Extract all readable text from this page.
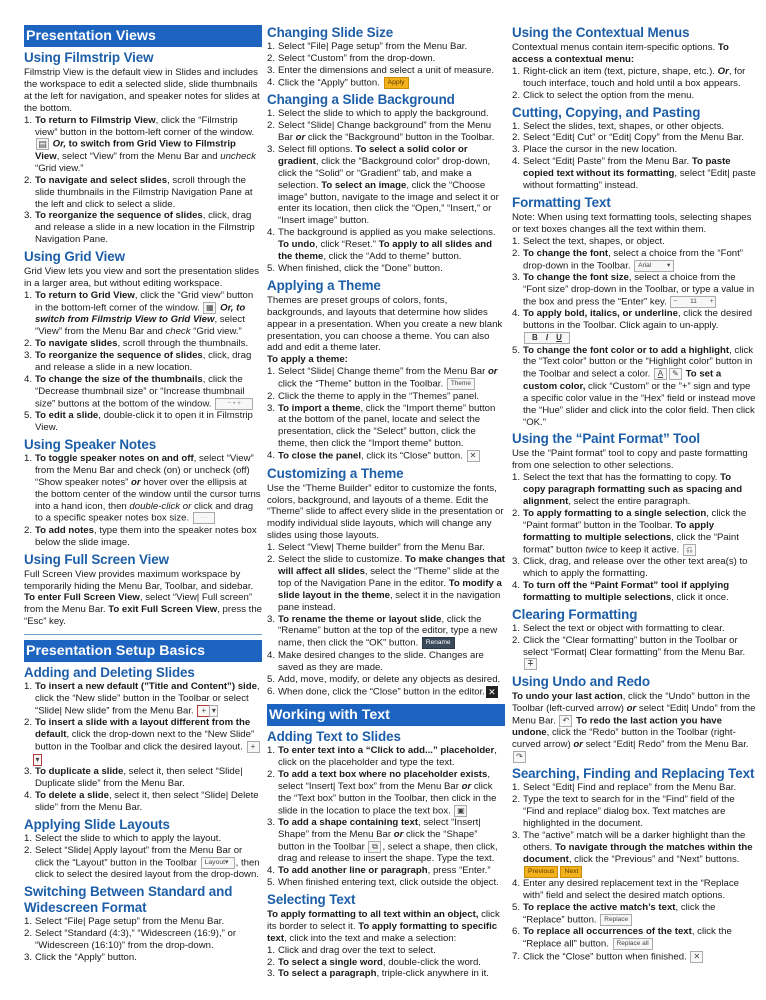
Presentation Views
Using Filmstrip View
Filmstrip View is the default view in Slides and includes the workspace to edit a selected slide, slide thumbnails at the left for navigation, and speaker notes for slides at the bottom.
1. To return to Filmstrip View, click the “Filmstrip view” button in the bottom-left corner of the window. ▤ Or, to switch from Grid View to Filmstrip View, select “View” from the Menu Bar and uncheck “Grid view.”
2. To navigate and select slides, scroll through the slide thumbnails in the Filmstrip Navigation Pane at the left and click to select a slide.
3. To reorganize the sequence of slides, click, drag and release a slide in a new location in the Filmstrip Navigation Pane.
Using Grid View
Grid View lets you view and sort the presentation slides in a larger area, but without editing workspace.
1. To return to Grid View, click the “Grid view” button in the bottom-left corner of the window. ▦ Or, to switch from Filmstrip View to Grid View, select “View” from the Menu Bar and check “Grid view.”
2. To navigate slides, scroll through the thumbnails.
3. To reorganize the sequence of slides, click, drag and release a slide in a new location.
4. To change the size of the thumbnails, click the “Decrease thumbnail size” or “Increase thumbnail size” buttons at the bottom of the window. − • +
5. To edit a slide, double-click it to open it in Filmstrip View.
Using Speaker Notes
1. To toggle speaker notes on and off, select “View” from the Menu Bar and check (on) or uncheck (off) “Show speaker notes” or hover over the ellipsis at the bottom center of the window until the cursor turns into a hand icon, then double-click or click and drag to a specific speaker notes box size. ···
2. To add notes, type them into the speaker notes box below the slide image.
Using Full Screen View
Full Screen View provides maximum workspace by temporarily hiding the Menu Bar, Toolbar, and sidebar. To enter Full Screen View, select “View| Full screen” from the Menu Bar. To exit Full Screen View, press the “Esc” key.
Presentation Setup Basics
Adding and Deleting Slides
1. To insert a new default (”Title and Content”) side, click the “New slide” button in the Toolbar or select “Slide| New slide” from the Menu Bar. + ▾
2. To insert a slide with a layout different from the default, click the drop-down next to the “New Slide” button in the Toolbar and click the desired layout. +▾
3. To duplicate a slide, select it, then select “Slide| Duplicate slide” from the Menu Bar.
4. To delete a slide, select it, then select “Slide| Delete slide” from the Menu Bar.
Applying Slide Layouts
1. Select the slide to which to apply the layout.
2. Select “Slide| Apply layout” from the Menu Bar or click the “Layout” button in the Toolbar Layout▾ , then click to select the desired layout from the drop-down.
Switching Between Standard and Widescreen Format
1. Select “File| Page setup” from the Menu Bar.
2. Select “Standard (4:3),” “Widescreen (16:9),” or “Widescreen (16:10)” from the drop-down.
3. Click the “Apply” button.
Changing Slide Size
1. Select “File| Page setup” from the Menu Bar.
2. Select “Custom” from the drop-down.
3. Enter the dimensions and select a unit of measure.
4. Click the “Apply” button. Apply
Changing a Slide Background
1. Select the slide to which to apply the background.
2. Select “Slide| Change background” from the Menu Bar or click the “Background” button in the Toolbar.
3. Select fill options. To select a solid color or gradient, click the “Background color” drop-down, click the “Solid” or “Gradient” tab, and make a selection. To select an image, click the “Choose image” button, navigate to the image and select it or enter its location, then click the “Open,” “Insert,” or “Insert image” button.
4. The background is applied as you make selections. To undo, click “Reset.” To apply to all slides and the theme, click the “Add to theme” button.
5. When finished, click the “Done” button.
Applying a Theme
Themes are preset groups of colors, fonts, backgrounds, and layouts that determine how slides appear in a presentation. When you create a new blank presentation, you can choose a theme. You can also add and edit a theme later.
To apply a theme:
1. Select “Slide| Change theme” from the Menu Bar or click the “Theme” button in the Toolbar. Theme
2. Click the theme to apply in the “Themes” panel.
3. To import a theme, click the “Import theme” button at the bottom of the panel, locate and select the presentation, click the “Select” button, click the theme, then click the “Import theme” button.
4. To close the panel, click its “Close” button. ✕
Customizing a Theme
Use the “Theme Builder” editor to customize the fonts, colors, background, and layouts of a theme. Edit the “Theme” slide to affect every slide in the presentation or modify individual slide layouts, which will change any slides using those layouts.
1. Select “View| Theme builder” from the Menu Bar.
2. Select the slide to customize. To make changes that will affect all slides, select the “Theme” slide at the top of the Navigation Pane in the editor. To modify a slide layout in the theme, select it in the navigation pane instead.
3. To rename the theme or layout slide, click the “Rename” button at the top of the editor, type a new name, then click the “OK” button. Rename
4. Make desired changes to the slide. Changes are saved as they are made.
5. Add, move, modify, or delete any objects as desired.
6. When done, click the “Close” button in the editor. ✕
Working with Text
Adding Text to Slides
1. To enter text into a “Click to add...” placeholder, click on the placeholder and type the text.
2. To add a text box where no placeholder exists, select “Insert| Text box” from the Menu Bar or click the “Text box” button in the Toolbar, then click in the slide in the location to place the text box. ▣
3. To add a shape containing text, select “Insert| Shape” from the Menu Bar or click the “Shape” button in the Toolbar ⧉ , select a shape, then click, drag and release to insert the shape. Type the text.
4. To add another line or paragraph, press “Enter.”
5. When finished entering text, click outside the object.
Selecting Text
To apply formatting to all text within an object, click its border to select it. To apply formatting to specific text, click into the text and make a selection:
1. Click and drag over the text to select.
2. To select a single word, double-click the word.
3. To select a paragraph, triple-click anywhere in it.
Using the Contextual Menus
Contextual menus contain item-specific options. To access a contextual menu:
1. Right-click an item (text, picture, shape, etc.). Or, for touch interface, touch and hold until a box appears.
2. Click to select the option from the menu.
Cutting, Copying, and Pasting
1. Select the slides, text, shapes, or other objects.
2. Select “Edit| Cut” or “Edit| Copy” from the Menu Bar.
3. Place the cursor in the new location.
4. Select “Edit| Paste” from the Menu Bar. To paste copied text without its formatting, select “Edit| paste without formatting” instead.
Formatting Text
Note: When using text formatting tools, selecting shapes or text boxes changes all the text within them.
1. Select the text, shapes, or object.
2. To change the font, select a choice from the “Font” drop-down in the Toolbar. Arial ▾
3. To change the font size, select a choice from the “Font size” drop-down in the Toolbar, or type a value in the box and press the “Enter” key. − 11 +
4. To apply bold, italics, or underline, click the desired buttons in the Toolbar. Click again to un-apply.
B I U
5. To change the font color or to add a highlight, click the “Text color” button or the “Highlight color” button in the Toolbar and select a color. A ✎ To set a custom color, click “Custom” or the ”+” sign and type a specific color value in the “Hex” field or instead move the “Hue” slider and click into the color field. Then click “OK.”
Using the “Paint Format” Tool
Use the “Paint format” tool to copy and paste formatting from one selection to other selections.
1. Select the text that has the formatting to copy. To copy paragraph formatting such as spacing and alignment, select the entire paragraph.
2. To apply formatting to a single selection, click the “Paint format” button in the Toolbar. To apply formatting to multiple selections, click the “Paint format” button twice to keep it active. ⎌
3. Click, drag, and release over the other text area(s) to which to apply the formatting.
4. To turn off the “Paint Format” tool if applying formatting to multiple selections, click it once.
Clearing Formatting
1. Select the text or object with formatting to clear.
2. Click the “Clear formatting” button in the Toolbar or select “Format| Clear formatting” from the Menu Bar. T
Using Undo and Redo
To undo your last action, click the “Undo” button in the Toolbar (left-curved arrow) or select “Edit| Undo” from the Menu Bar. ↶ To redo the last action you have undone, click the “Redo” button in the Toolbar (right-curved arrow) or select “Edit| Redo” from the Menu Bar. ↷
Searching, Finding and Replacing Text
1. Select “Edit| Find and replace” from the Menu Bar.
2. Type the text to search for in the “Find” field of the “Find and replace” dialog box. Text matches are highlighted in the document.
3. The “active” match will be a darker highlight than the others. To navigate through the matches within the document, click the “Previous” and “Next” buttons. Previous Next
4. Enter any desired replacement text in the “Replace with” field and select the desired match options.
5. To replace the active match’s text, click the “Replace” button. Replace
6. To replace all occurrences of the text, click the “Replace all” button. Replace all
7. Click the “Close” button when finished. ✕
